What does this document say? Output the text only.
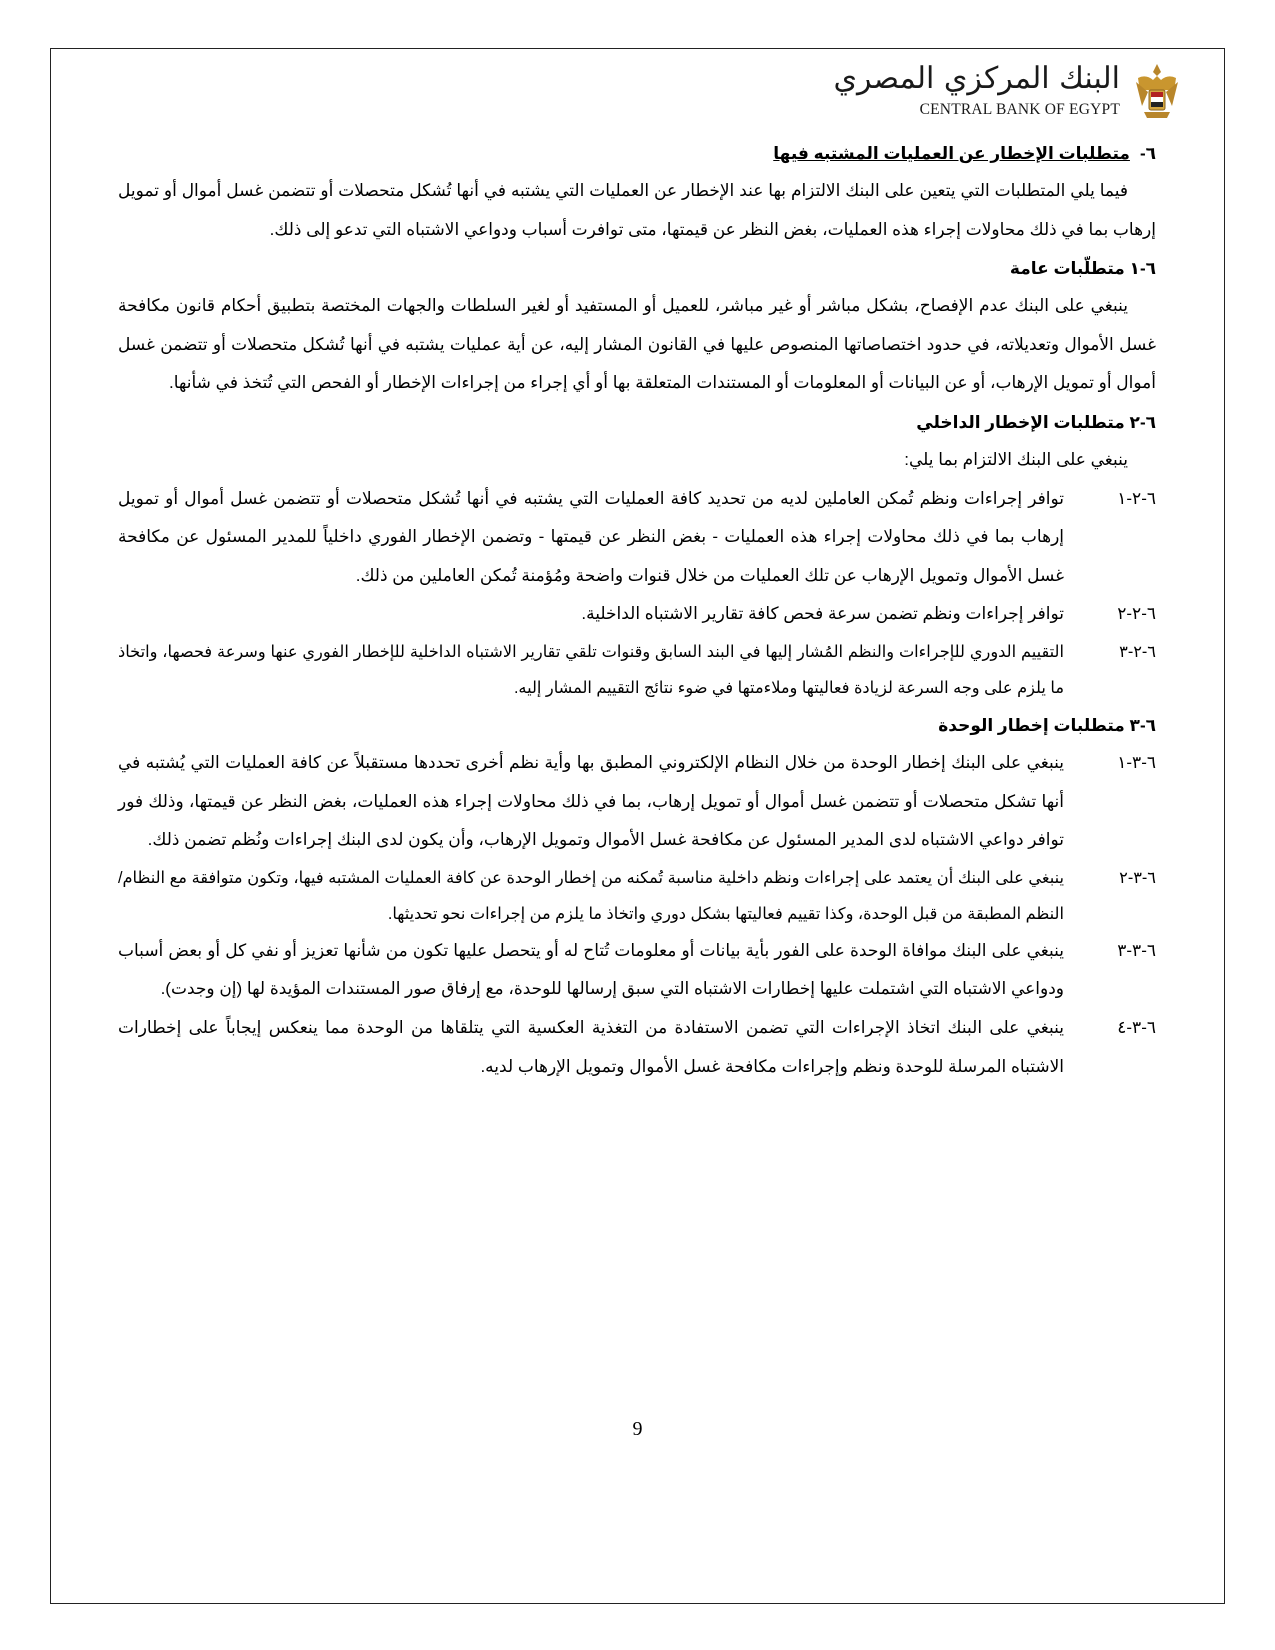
البنك المركزي المصري
CENTRAL BANK OF EGYPT
٦-متطلبات الإخطار عن العمليات المشتبه فيها
فيما يلي المتطلبات التي يتعين على البنك الالتزام بها عند الإخطار عن العمليات التي يشتبه في أنها تُشكل متحصلات أو تتضمن غسل أموال أو تمويل إرهاب بما في ذلك محاولات إجراء هذه العمليات، بغض النظر عن قيمتها، متى توافرت أسباب ودواعي الاشتباه التي تدعو إلى ذلك.
٦-١ متطلّبات عامة
ينبغي على البنك عدم الإفصاح، بشكل مباشر أو غير مباشر، للعميل أو المستفيد أو لغير السلطات والجهات المختصة بتطبيق أحكام قانون مكافحة غسل الأموال وتعديلاته، في حدود اختصاصاتها المنصوص عليها في القانون المشار إليه، عن أية عمليات يشتبه في أنها تُشكل متحصلات أو تتضمن غسل أموال أو تمويل الإرهاب، أو عن البيانات أو المعلومات أو المستندات المتعلقة بها أو أي إجراء من إجراءات الإخطار أو الفحص التي تُتخذ في شأنها.
٦-٢ متطلبات الإخطار الداخلي
ينبغي على البنك الالتزام بما يلي:
٦-٢-١
توافر إجراءات ونظم تُمكن العاملين لديه من تحديد كافة العمليات التي يشتبه في أنها تُشكل متحصلات أو تتضمن غسل أموال أو تمويل إرهاب بما في ذلك محاولات إجراء هذه العمليات - بغض النظر عن قيمتها - وتضمن الإخطار الفوري داخلياً للمدير المسئول عن مكافحة غسل الأموال وتمويل الإرهاب عن تلك العمليات من خلال قنوات واضحة ومُؤمنة تُمكن العاملين من ذلك.
٦-٢-٢
توافر إجراءات ونظم تضمن سرعة فحص كافة تقارير الاشتباه الداخلية.
٦-٢-٣
التقييم الدوري للإجراءات والنظم المُشار إليها في البند السابق وقنوات تلقي تقارير الاشتباه الداخلية للإخطار الفوري عنها وسرعة فحصها، واتخاذ ما يلزم على وجه السرعة لزيادة فعاليتها وملاءمتها في ضوء نتائج التقييم المشار إليه.
٦-٣ متطلبات إخطار الوحدة
٦-٣-١
ينبغي على البنك إخطار الوحدة من خلال النظام الإلكتروني المطبق بها وأية نظم أخرى تحددها مستقبلاً عن كافة العمليات التي يُشتبه في أنها تشكل متحصلات أو تتضمن غسل أموال أو تمويل إرهاب، بما في ذلك محاولات إجراء هذه العمليات، بغض النظر عن قيمتها، وذلك فور توافر دواعي الاشتباه لدى المدير المسئول عن مكافحة غسل الأموال وتمويل الإرهاب، وأن يكون لدى البنك إجراءات ونُظم تضمن ذلك.
٦-٣-٢
ينبغي على البنك أن يعتمد على إجراءات ونظم داخلية مناسبة تُمكنه من إخطار الوحدة عن كافة العمليات المشتبه فيها، وتكون متوافقة مع النظام/ النظم المطبقة من قبل الوحدة، وكذا تقييم فعاليتها بشكل دوري واتخاذ ما يلزم من إجراءات نحو تحديثها.
٦-٣-٣
ينبغي على البنك موافاة الوحدة على الفور بأية بيانات أو معلومات تُتاح له أو يتحصل عليها تكون من شأنها تعزيز أو نفي كل أو بعض أسباب ودواعي الاشتباه التي اشتملت عليها إخطارات الاشتباه التي سبق إرسالها للوحدة، مع إرفاق صور المستندات المؤيدة لها (إن وجدت).
٦-٣-٤
ينبغي على البنك اتخاذ الإجراءات التي تضمن الاستفادة من التغذية العكسية التي يتلقاها من الوحدة مما ينعكس إيجاباً على إخطارات الاشتباه المرسلة للوحدة ونظم وإجراءات مكافحة غسل الأموال وتمويل الإرهاب لديه.
9
